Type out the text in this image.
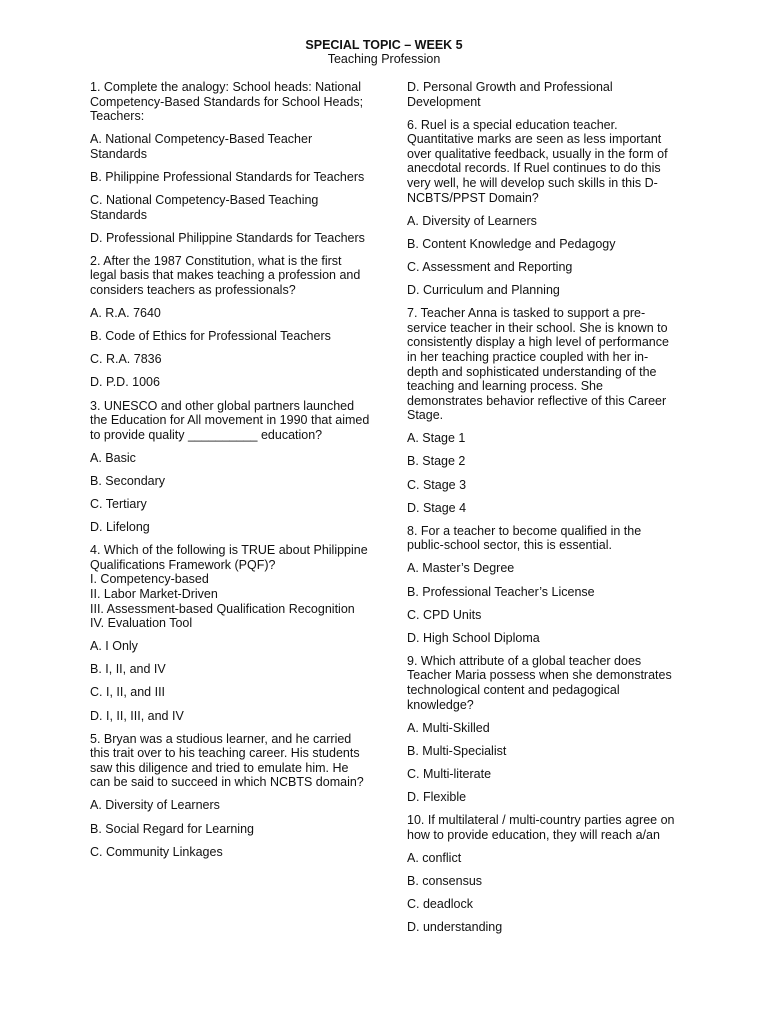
SPECIAL TOPIC – WEEK 5
Teaching Profession

1. Complete the analogy: School heads: National Competency-Based Standards for School Heads; Teachers:

A. National Competency-Based Teacher Standards

B. Philippine Professional Standards for Teachers

C. National Competency-Based Teaching Standards

D. Professional Philippine Standards for Teachers

2. After the 1987 Constitution, what is the first legal basis that makes teaching a profession and considers teachers as professionals?

A. R.A. 7640

B. Code of Ethics for Professional Teachers

C. R.A. 7836

D. P.D. 1006

3. UNESCO and other global partners launched the Education for All movement in 1990 that aimed to provide quality __________ education?

A. Basic

B. Secondary

C. Tertiary

D. Lifelong

4. Which of the following is TRUE about Philippine Qualifications Framework (PQF)?
I. Competency-based
II. Labor Market-Driven
III. Assessment-based Qualification Recognition
IV. Evaluation Tool

A. I Only

B. I, II, and IV

C. I, II, and III

D. I, II, III, and IV

5. Bryan was a studious learner, and he carried this trait over to his teaching career. His students saw this diligence and tried to emulate him. He can be said to succeed in which NCBTS domain?

A. Diversity of Learners

B. Social Regard for Learning

C. Community Linkages

D. Personal Growth and Professional Development

6. Ruel is a special education teacher. Quantitative marks are seen as less important over qualitative feedback, usually in the form of anecdotal records. If Ruel continues to do this very well, he will develop such skills in this D-NCBTS/PPST Domain?

A. Diversity of Learners

B. Content Knowledge and Pedagogy

C. Assessment and Reporting

D. Curriculum and Planning

7. Teacher Anna is tasked to support a pre-service teacher in their school. She is known to consistently display a high level of performance in her teaching practice coupled with her in-depth and sophisticated understanding of the teaching and learning process. She demonstrates behavior reflective of this Career Stage.

A. Stage 1

B. Stage 2

C. Stage 3

D. Stage 4

8. For a teacher to become qualified in the public-school sector, this is essential.

A. Master’s Degree

B. Professional Teacher’s License

C. CPD Units

D. High School Diploma

9. Which attribute of a global teacher does Teacher Maria possess when she demonstrates technological content and pedagogical knowledge?

A. Multi-Skilled

B. Multi-Specialist

C. Multi-literate

D. Flexible

10. If multilateral / multi-country parties agree on how to provide education, they will reach a/an

A. conflict

B. consensus

C. deadlock

D. understanding
